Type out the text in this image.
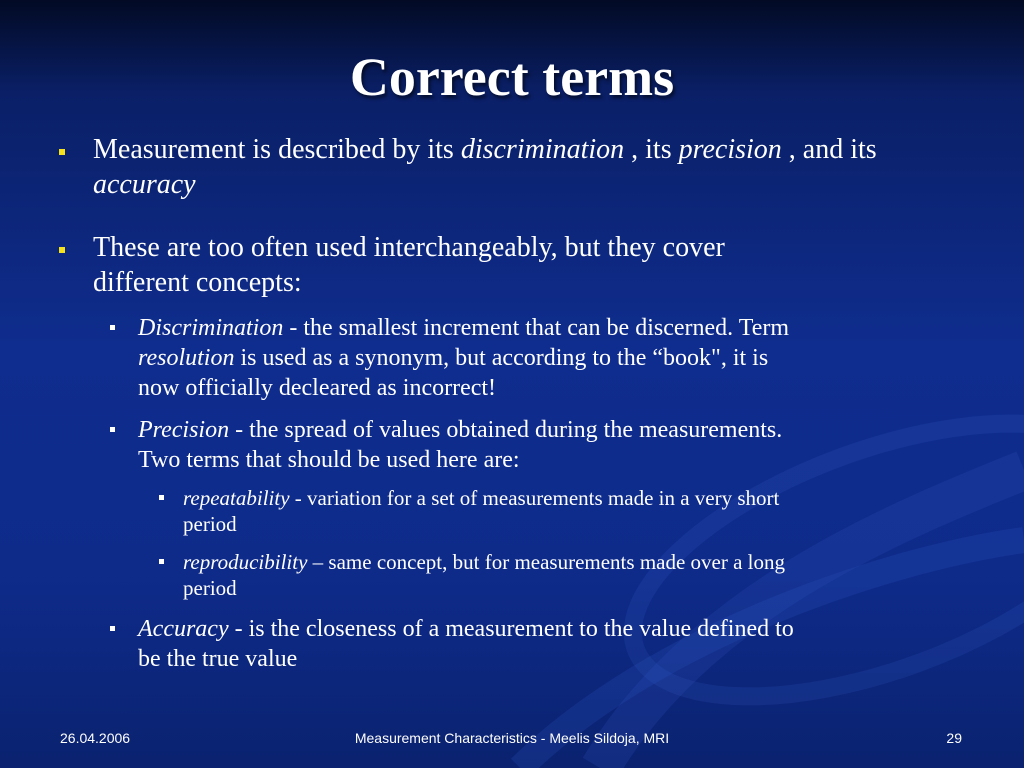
Correct terms
Measurement is described by its discrimination , its precision , and its
accuracy
These are too often used interchangeably, but they cover
different concepts:
Discrimination - the smallest increment that can be discerned. Term
resolution is used as a synonym, but according to the “book", it is
now officially decleared as incorrect!
Precision - the spread of values obtained during the measurements.
Two terms that should be used here are:
repeatability - variation for a set of measurements made in a very short
period
reproducibility – same concept, but for measurements made over a long
period
Accuracy - is the closeness of a measurement to the value defined to
be the true value
26.04.2006	Measurement Characteristics - Meelis Sildoja, MRI	29
